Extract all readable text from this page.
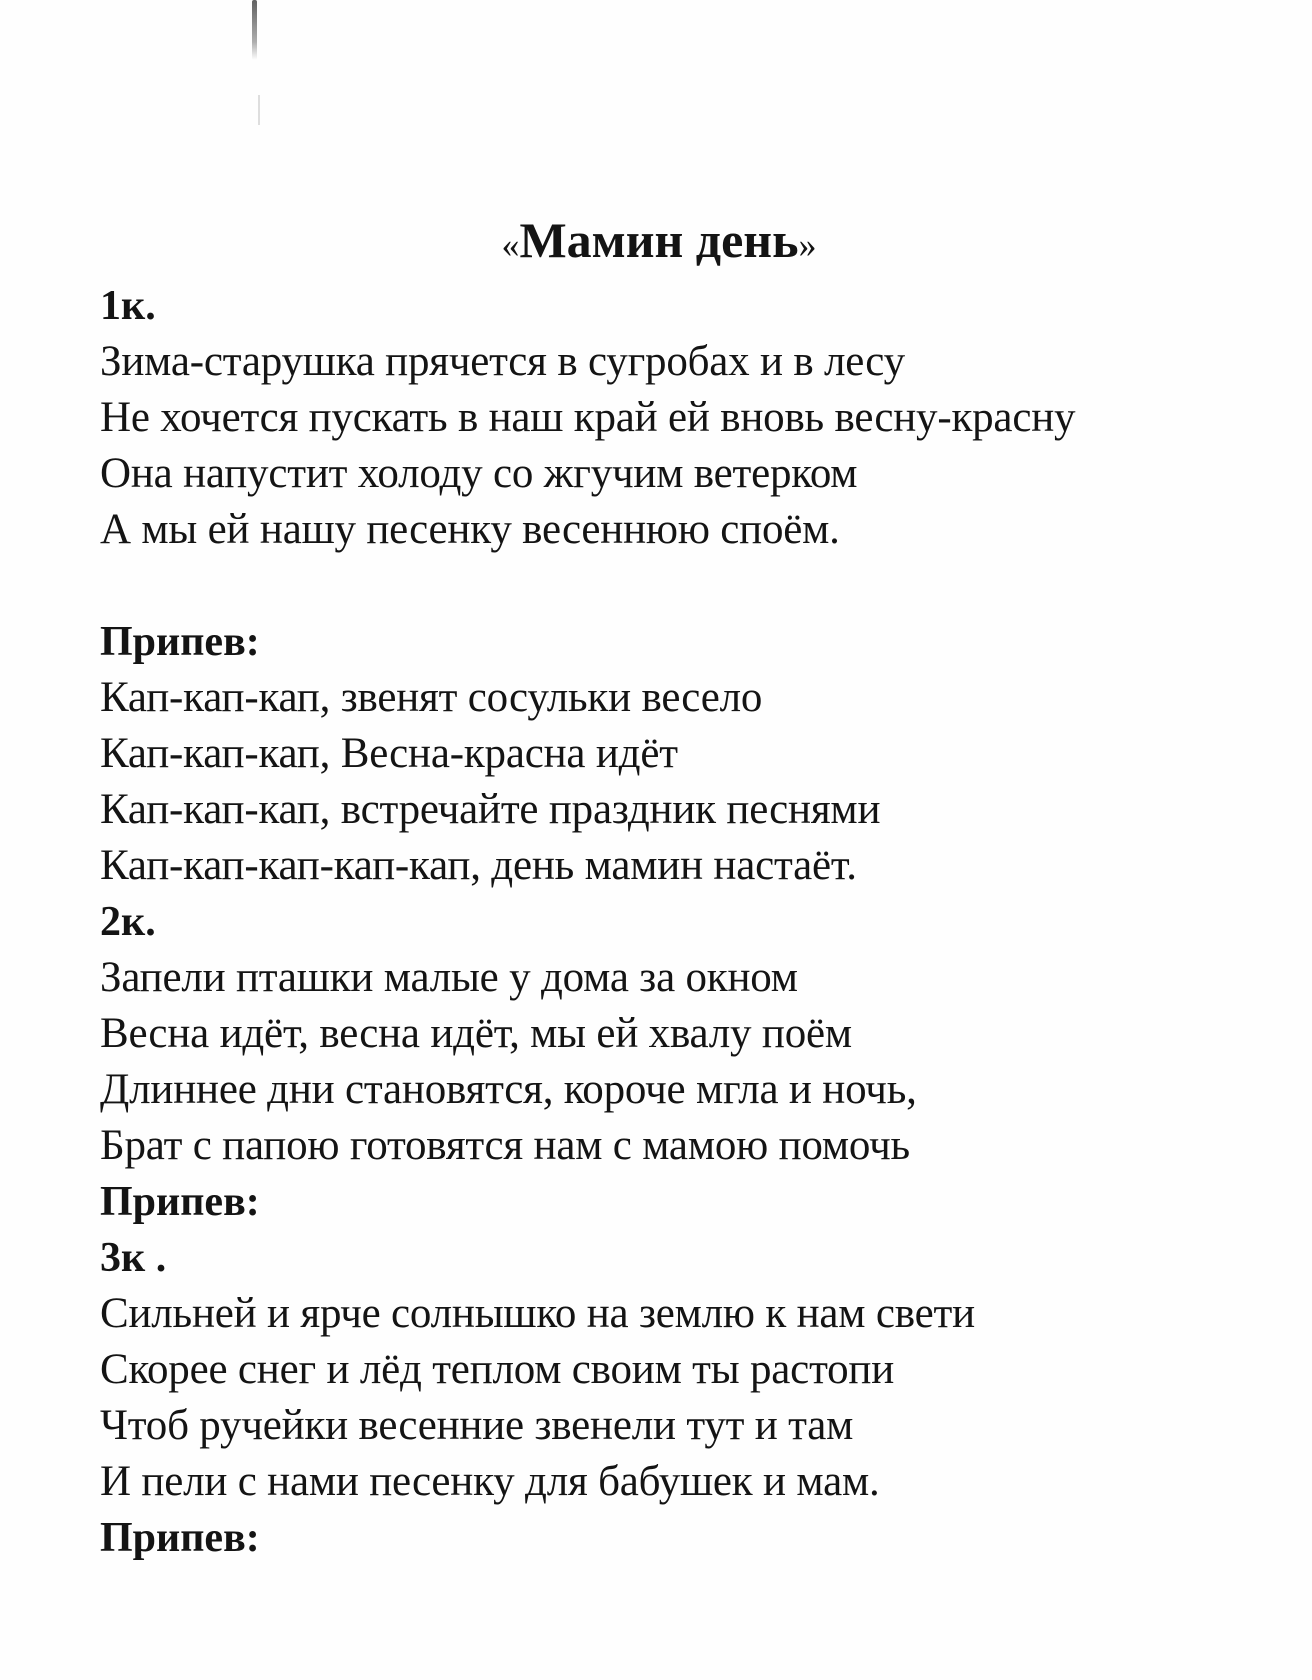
«Мамин день»
1к.
Зима-старушка прячется в сугробах и в лесу
Не хочется пускать в наш край ей вновь весну-красну
Она напустит холоду со жгучим ветерком
А мы ей нашу песенку весеннюю споём.
Припев:
Кап-кап-кап, звенят сосульки весело
Кап-кап-кап, Весна-красна идёт
Кап-кап-кап, встречайте праздник песнями
Кап-кап-кап-кап-кап, день мамин настаёт.
2к.
Запели пташки малые у дома за окном
Весна идёт, весна идёт, мы ей хвалу поём
Длиннее дни становятся, короче мгла и ночь,
Брат с папою готовятся нам с мамою помочь
Припев:
3к .
Сильней и ярче солнышко на землю к нам свети
Скорее снег и лёд теплом своим ты растопи
Чтоб ручейки весенние звенели тут и там
И пели с нами песенку для бабушек и мам.
Припев:
